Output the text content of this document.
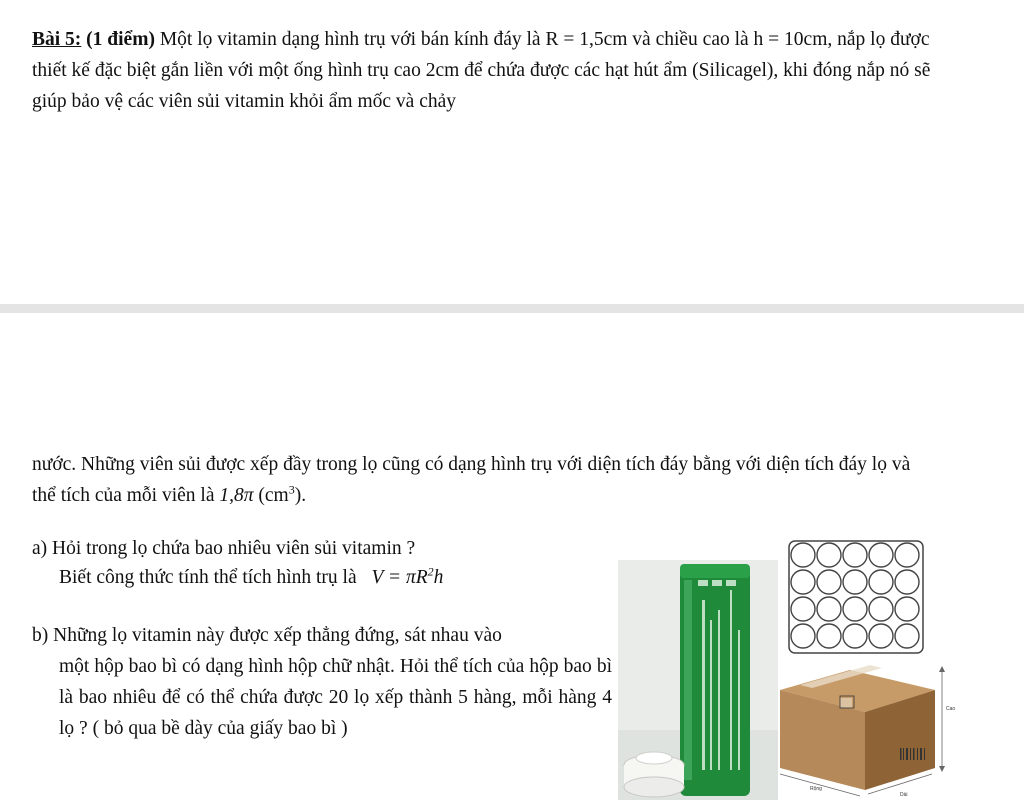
Bài 5: (1 điểm) Một lọ vitamin dạng hình trụ với bán kính đáy là R = 1,5cm và chiều cao là h = 10cm, nắp lọ được thiết kế đặc biệt gắn liền với một ống hình trụ cao 2cm để chứa được các hạt hút ẩm (Silicagel), khi đóng nắp nó sẽ giúp bảo vệ các viên sủi vitamin khỏi ẩm mốc và chảy

nước. Những viên sủi được xếp đầy trong lọ cũng có dạng hình trụ với diện tích đáy bằng với diện tích đáy lọ và thể tích của mỗi viên là 1,8π $(cm^3)$.

a) Hỏi trong lọ chứa bao nhiêu viên sủi vitamin ?
Biết công thức tính thể tích hình trụ là $V = \pi R^2h$
b) Những lọ vitamin này được xếp thẳng đứng, sát nhau vào
một hộp bao bì có dạng hình hộp chữ nhật. Hỏi thể tích của hộp bao bì là bao nhiêu để có thể chứa được 20 lọ xếp thành 5 hàng, mỗi hàng 4 lọ ? ( bỏ qua bề dày của giấy bao bì )
Cao
Rộng
Dài
